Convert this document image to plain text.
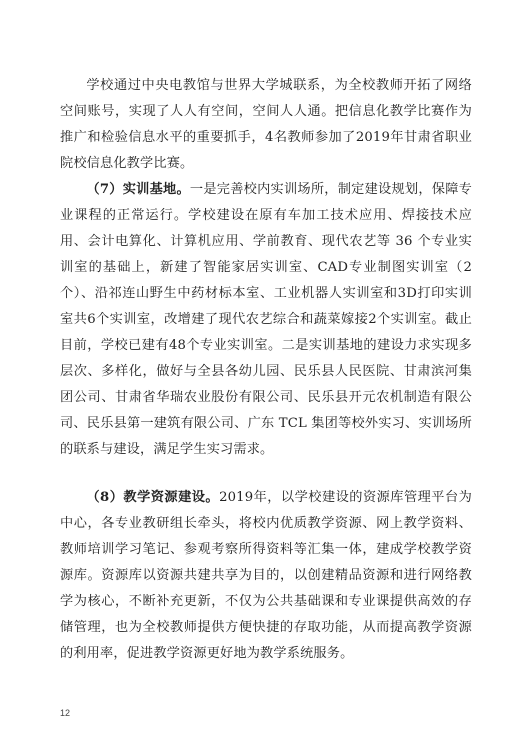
学校通过中央电教馆与世界大学城联系，为全校教师开拓了网络空间账号，实现了人人有空间，空间人人通。把信息化教学比赛作为推广和检验信息水平的重要抓手，4名教师参加了2019年甘肃省职业院校信息化教学比赛。

（7）实训基地。一是完善校内实训场所，制定建设规划，保障专业课程的正常运行。学校建设在原有车加工技术应用、焊接技术应用、会计电算化、计算机应用、学前教育、现代农艺等 36 个专业实训室的基础上，新建了智能家居实训室、CAD专业制图实训室（2个）、沿祁连山野生中药材标本室、工业机器人实训室和3D打印实训室共6个实训室，改增建了现代农艺综合和蔬菜嫁接2个实训室。截止目前，学校已建有48个专业实训室。二是实训基地的建设力求实现多层次、多样化，做好与全县各幼儿园、民乐县人民医院、甘肃滨河集团公司、甘肃省华瑞农业股份有限公司、民乐县开元农机制造有限公司、民乐县第一建筑有限公司、广东 TCL 集团等校外实习、实训场所的联系与建设，满足学生实习需求。

（8）教学资源建设。2019年，以学校建设的资源库管理平台为中心，各专业教研组长牵头，将校内优质教学资源、网上教学资料、教师培训学习笔记、参观考察所得资料等汇集一体，建成学校教学资源库。资源库以资源共建共享为目的，以创建精品资源和进行网络教学为核心，不断补充更新，不仅为公共基础课和专业课提供高效的存储管理，也为全校教师提供方便快捷的存取功能，从而提高教学资源的利用率，促进教学资源更好地为教学系统服务。

12
